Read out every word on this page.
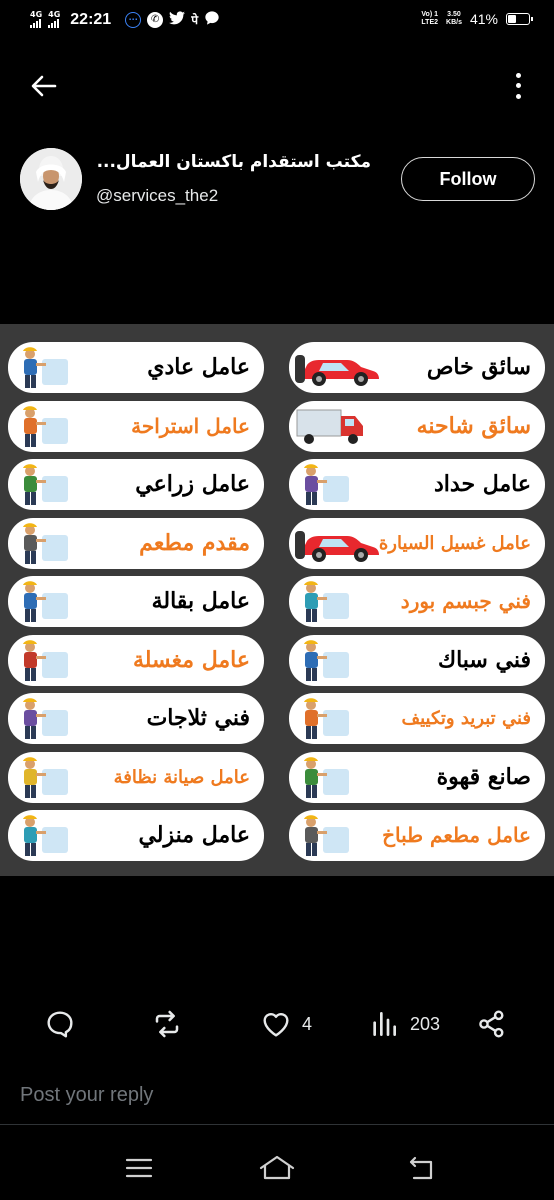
4G 4G 22:21	···	✆	पे	Vo) 1
LTE2
3.50
KB/s 41%
مكتب استقدام باكستان العمال...
@services_the2
Follow
عامل عادي
عامل استراحة
عامل زراعي
مقدم مطعم
عامل بقالة
عامل مغسلة
فني ثلاجات
عامل صيانة نظافة
عامل منزلي
سائق خاص
سائق شاحنه
عامل حداد
عامل غسيل السيارة
فني جبسم بورد
فني سباك
فني تبريد وتكييف
صانع قهوة
عامل مطعم طباخ
4	203
Post your reply
